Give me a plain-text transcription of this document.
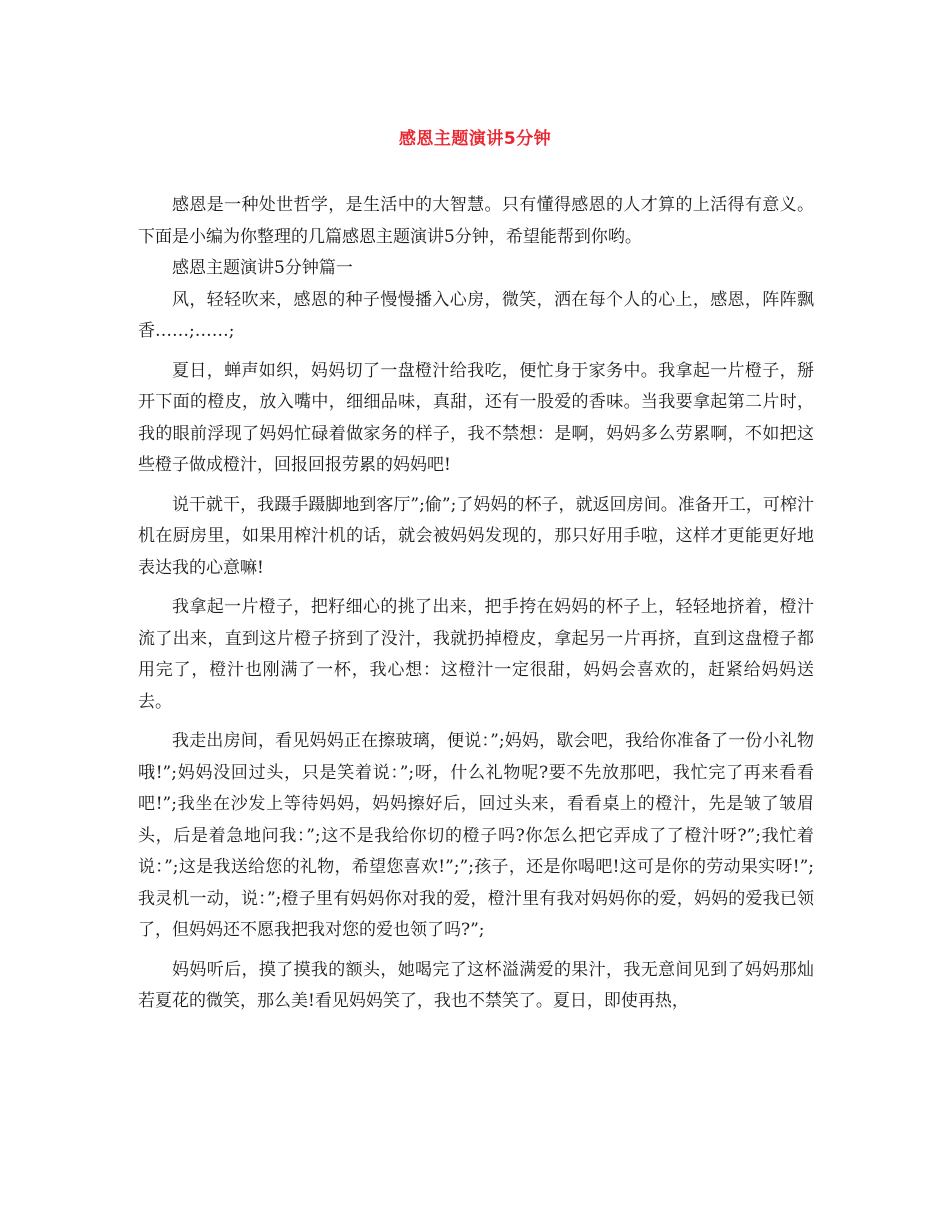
感恩主题演讲5分钟

感恩是一种处世哲学，是生活中的大智慧。只有懂得感恩的人才算的上活得有意义。下面是小编为你整理的几篇感恩主题演讲5分钟，希望能帮到你哟。

感恩主题演讲5分钟篇一

风，轻轻吹来，感恩的种子慢慢播入心房，微笑，洒在每个人的心上，感恩，阵阵飘香……;……;

夏日，蝉声如织，妈妈切了一盘橙汁给我吃，便忙身于家务中。我拿起一片橙子，掰开下面的橙皮，放入嘴中，细细品味，真甜，还有一股爱的香味。当我要拿起第二片时，我的眼前浮现了妈妈忙碌着做家务的样子，我不禁想：是啊，妈妈多么劳累啊，不如把这些橙子做成橙汁，回报回报劳累的妈妈吧!

说干就干，我蹑手蹑脚地到客厅”;偷”;了妈妈的杯子，就返回房间。准备开工，可榨汁机在厨房里，如果用榨汁机的话，就会被妈妈发现的，那只好用手啦，这样才更能更好地表达我的心意嘛!

我拿起一片橙子，把籽细心的挑了出来，把手挎在妈妈的杯子上，轻轻地挤着，橙汁流了出来，直到这片橙子挤到了没汁，我就扔掉橙皮，拿起另一片再挤，直到这盘橙子都用完了，橙汁也刚满了一杯，我心想：这橙汁一定很甜，妈妈会喜欢的，赶紧给妈妈送去。

我走出房间，看见妈妈正在擦玻璃，便说：”;妈妈，歇会吧，我给你准备了一份小礼物哦!”;妈妈没回过头，只是笑着说：”;呀，什么礼物呢?要不先放那吧，我忙完了再来看看吧!”;我坐在沙发上等待妈妈，妈妈擦好后，回过头来，看看桌上的橙汁，先是皱了皱眉头，后是着急地问我：”;这不是我给你切的橙子吗?你怎么把它弄成了了橙汁呀?”;我忙着说：”;这是我送给您的礼物，希望您喜欢!”;”;孩子，还是你喝吧!这可是你的劳动果实呀!”;我灵机一动，说：”;橙子里有妈妈你对我的爱，橙汁里有我对妈妈你的爱，妈妈的爱我已领了，但妈妈还不愿我把我对您的爱也领了吗?”;

妈妈听后，摸了摸我的额头，她喝完了这杯溢满爱的果汁，我无意间见到了妈妈那灿若夏花的微笑，那么美!看见妈妈笑了，我也不禁笑了。夏日，即使再热，
